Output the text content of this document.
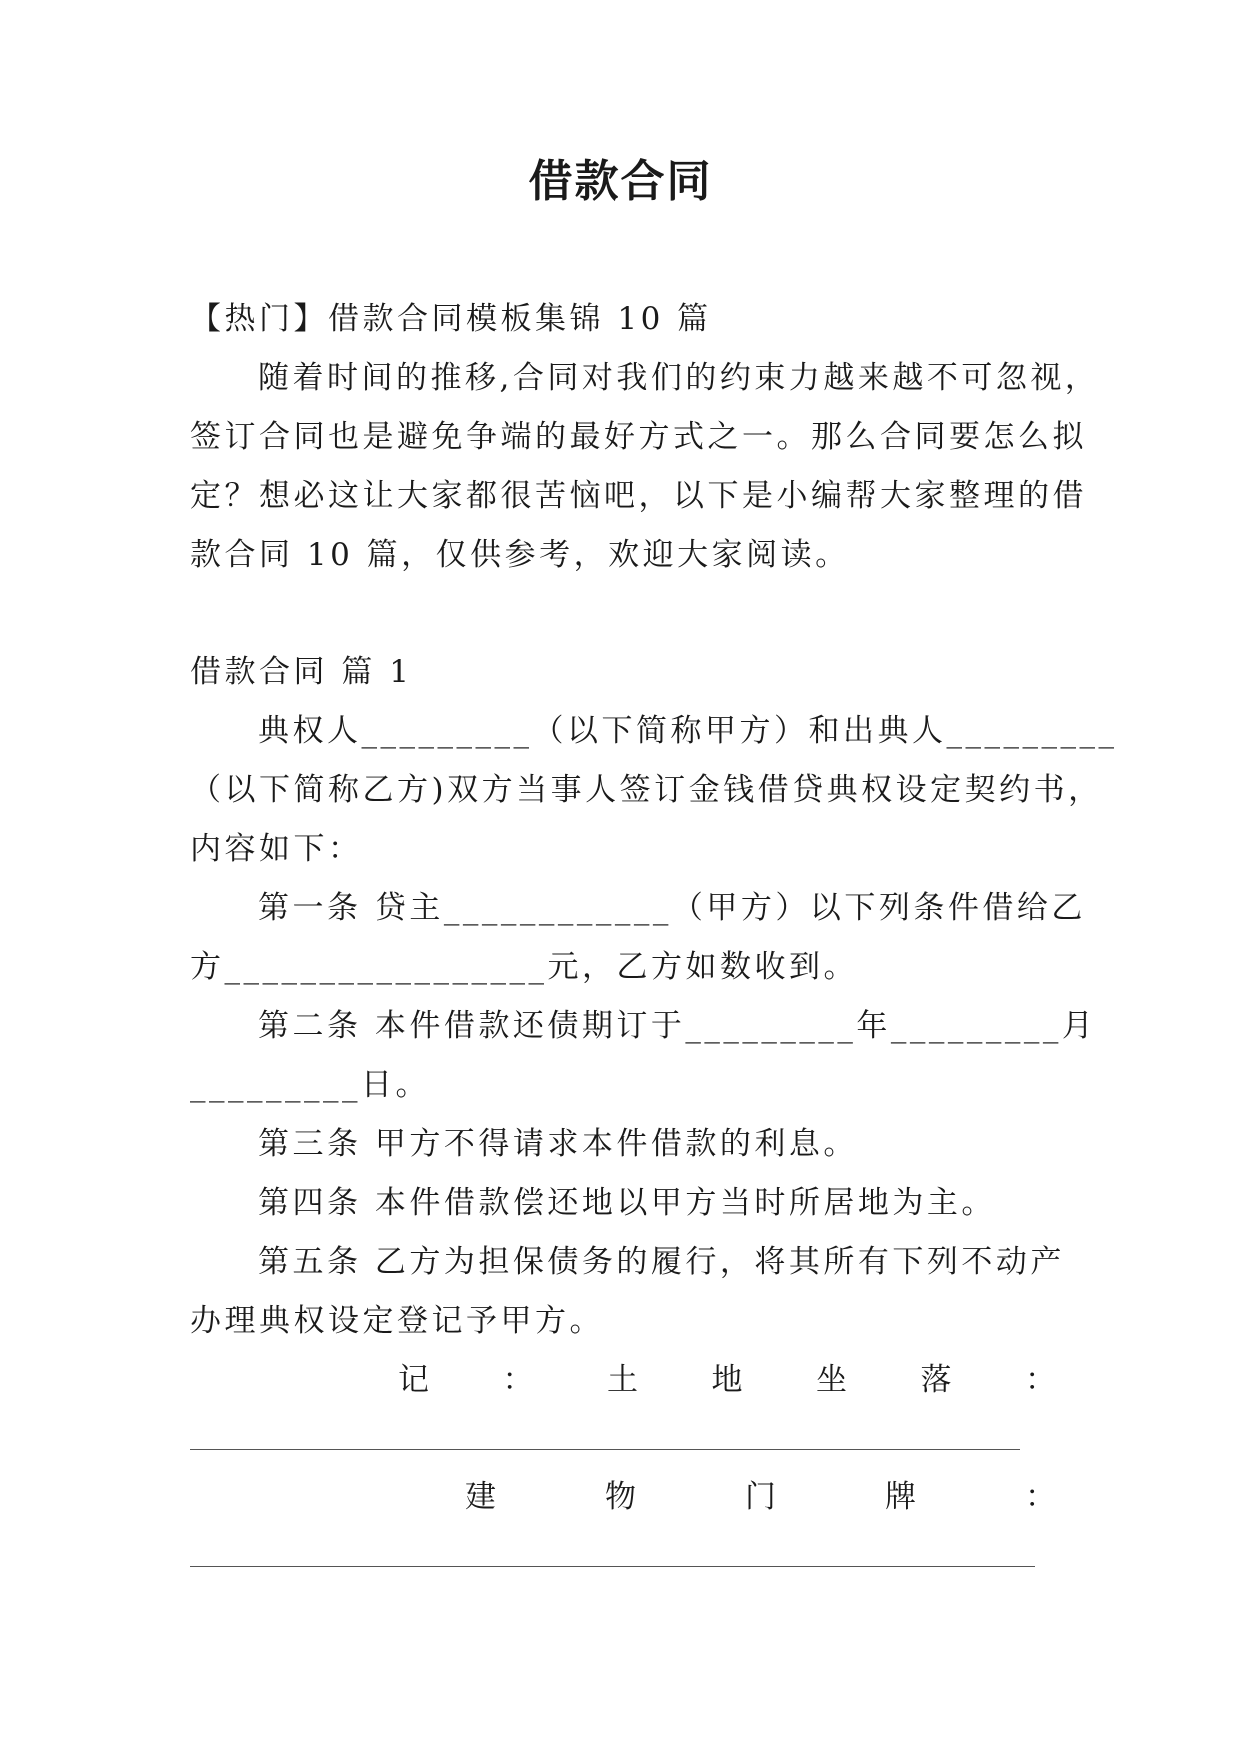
借款合同
【热门】借款合同模板集锦 10 篇
随着时间的推移,合同对我们的约束力越来越不可忽视，
签订合同也是避免争端的最好方式之一。那么合同要怎么拟
定？想必这让大家都很苦恼吧，以下是小编帮大家整理的借
款合同 10 篇，仅供参考，欢迎大家阅读。
借款合同 篇 1
典权人_________（以下简称甲方）和出典人_________
（以下简称乙方)双方当事人签订金钱借贷典权设定契约书，
内容如下：
第一条 贷主____________（甲方）以下列条件借给乙
方_________________元，乙方如数收到。
第二条 本件借款还债期订于_________年_________月
_________日。
第三条 甲方不得请求本件借款的利息。
第四条 本件借款偿还地以甲方当时所居地为主。
第五条 乙方为担保债务的履行，将其所有下列不动产
办理典权设定登记予甲方。
记 ： 土 地 坐 落 ：
建	物	门	牌	：
